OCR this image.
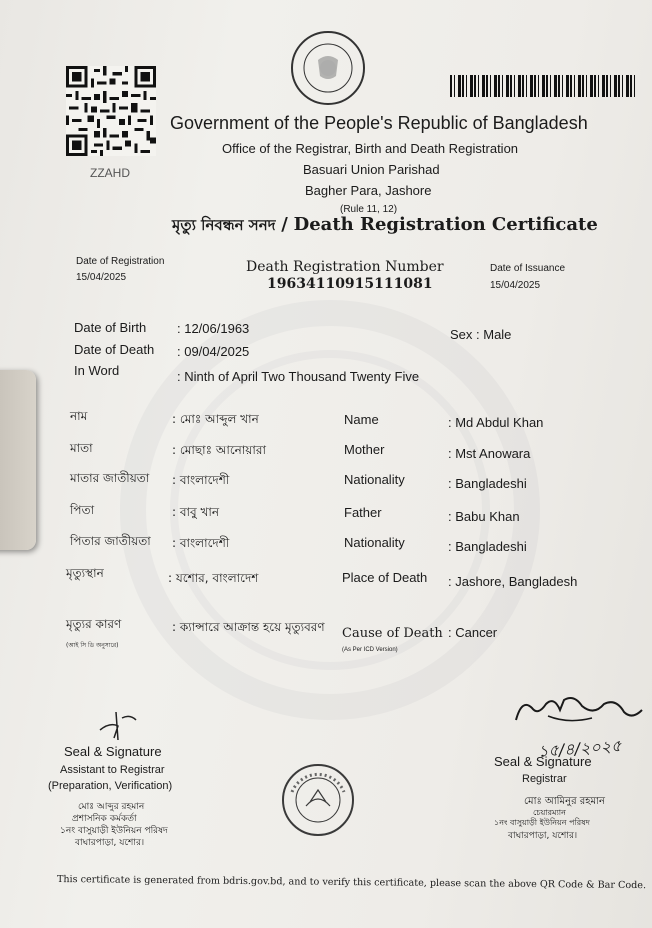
ZZAHD
Government of the People's Republic of Bangladesh
Office of the Registrar, Birth and Death Registration
Basuari Union Parishad
Bagher Para, Jashore
(Rule 11, 12)
মৃত্যু নিবন্ধন সনদ / Death Registration Certificate
Date of Registration
15/04/2025
Death Registration Number
19634110915111081
Date of Issuance
15/04/2025
Date of Birth : 12/06/1963
Date of Death : 09/04/2025
In Word	: Ninth of April Two Thousand Twenty Five
Sex : Male
নাম	: মোঃ আব্দুল খান
মাতা	: মোছাঃ আনোয়ারা
মাতার জাতীয়তা : বাংলাদেশী
পিতা	: বাবু খান
পিতার জাতীয়তা : বাংলাদেশী
মৃত্যুস্থান	: যশোর, বাংলাদেশ
মৃত্যুর কারণ
(আই সি ডি অনুসারে)
: ক্যান্সারে আক্রান্ত হয়ে মৃত্যুবরণ
Name	: Md Abdul Khan
Mother	: Mst Anowara
Nationality	: Bangladeshi
Father	: Babu Khan
Nationality	: Bangladeshi
Place of Death : Jashore, Bangladesh
Cause of Death
(As Per ICD Version)
: Cancer
Seal & Signature
Assistant to Registrar
(Preparation, Verification)
মোঃ আব্দুর রহমান
প্রশাসনিক কর্মকর্তা
১নং বাসুয়াড়ী ইউনিয়ন পরিষদ
বাঘারপাড়া, যশোর।
১৫/৪/২০২৫
Seal & Signature
Registrar
মোঃ আমিনুর রহমান
চেয়ারম্যান
১নং বাসুয়াড়ী ইউনিয়ন পরিষদ
বাঘারপাড়া, যশোর।
This certificate is generated from bdris.gov.bd, and to verify this certificate, please scan the above QR Code & Bar Code.
